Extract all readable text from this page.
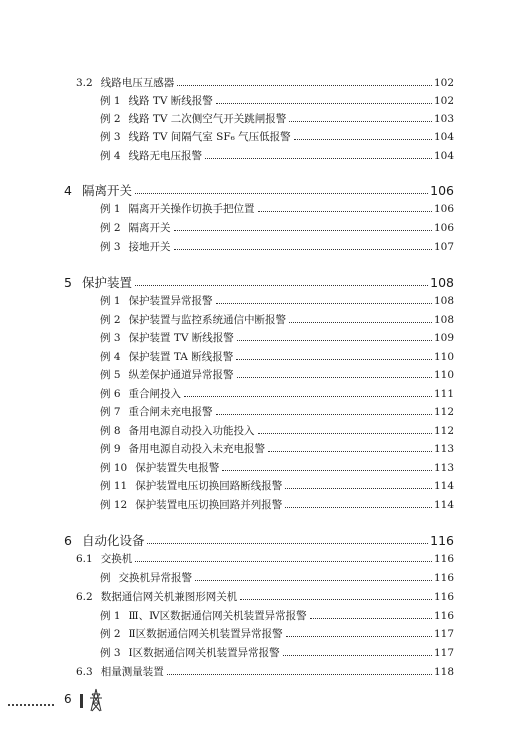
3.2 线路电压互感器	102
例 1 线路 TV 断线报警	102
例 2 线路 TV 二次侧空气开关跳闸报警	103
例 3 线路 TV 间隔气室 SF₆ 气压低报警	104
例 4 线路无电压报警	104
4 隔离开关	106
例 1 隔离开关操作切换手把位置	106
例 2 隔离开关	106
例 3 接地开关	107
5 保护装置	108
例 1 保护装置异常报警	108
例 2 保护装置与监控系统通信中断报警	108
例 3 保护装置 TV 断线报警	109
例 4 保护装置 TA 断线报警	110
例 5 纵差保护通道异常报警	110
例 6 重合闸投入	111
例 7 重合闸未充电报警	112
例 8 备用电源自动投入功能投入	112
例 9 备用电源自动投入未充电报警	113
例 10 保护装置失电报警	113
例 11 保护装置电压切换回路断线报警	114
例 12 保护装置电压切换回路并列报警	114
6 自动化设备	116
6.1 交换机	116
例 交换机异常报警	116
6.2 数据通信网关机兼图形网关机	116
例 1 Ⅲ、Ⅳ区数据通信网关机装置异常报警	116
例 2 Ⅱ区数据通信网关机装置异常报警	117
例 3 Ⅰ区数据通信网关机装置异常报警	117
6.3 相量测量装置	118
6
